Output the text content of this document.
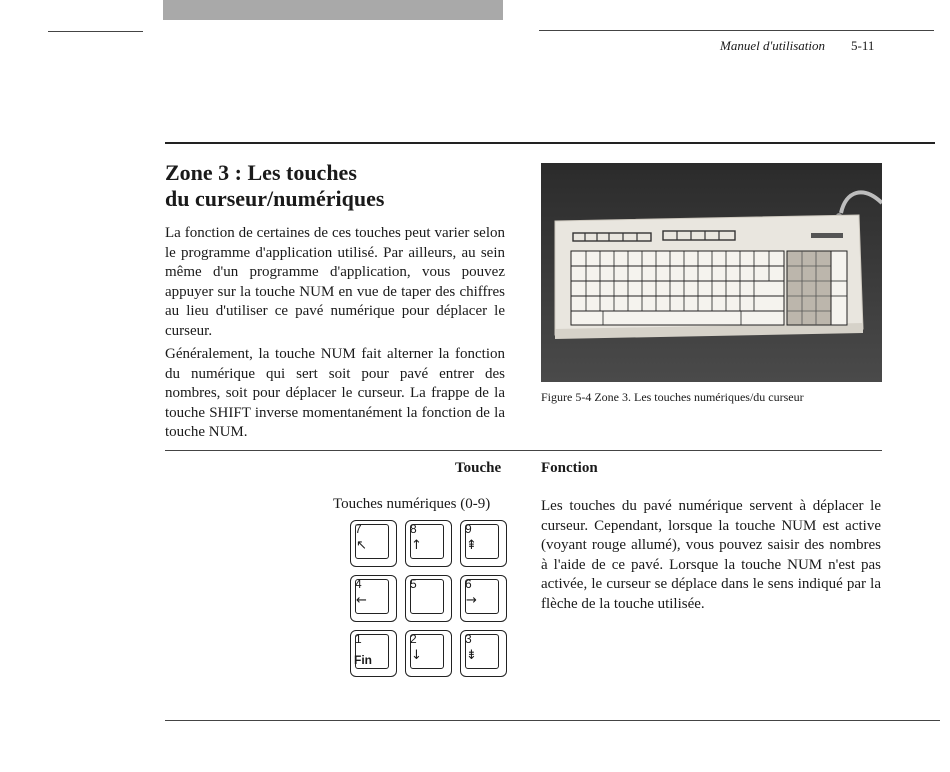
Manuel d'utilisation 5-11
Zone 3 : Les touches
du curseur/numériques

La fonction de certaines de ces touches peut varier selon le programme d'application utilisé. Par ailleurs, au sein même d'un programme d'application, vous pouvez appuyer sur la touche NUM en vue de taper des chiffres au lieu d'utiliser ce pavé numérique pour déplacer le curseur.

Généralement, la touche NUM fait alterner la fonction du numérique qui sert soit pour pavé entrer des nombres, soit pour déplacer le curseur. La frappe de la touche SHIFT inverse momentanément la fonction de la touche NUM.

Figure 5-4 Zone 3. Les touches numériques/du curseur
Touche	Fonction
Touches numériques (0-9)	Les touches du pavé numérique servent à déplacer le curseur. Cependant, lorsque la touche NUM est active (voyant rouge allumé), vous pouvez saisir des nombres à l'aide de ce pavé. Lorsque la touche NUM n'est pas activée, le curseur se déplace dans le sens indiqué par la flèche de la touche utilisée.

7
↖
8
↑
9
⇞
4
←
5	6
→
1
Fin
2
↓
3
⇟
